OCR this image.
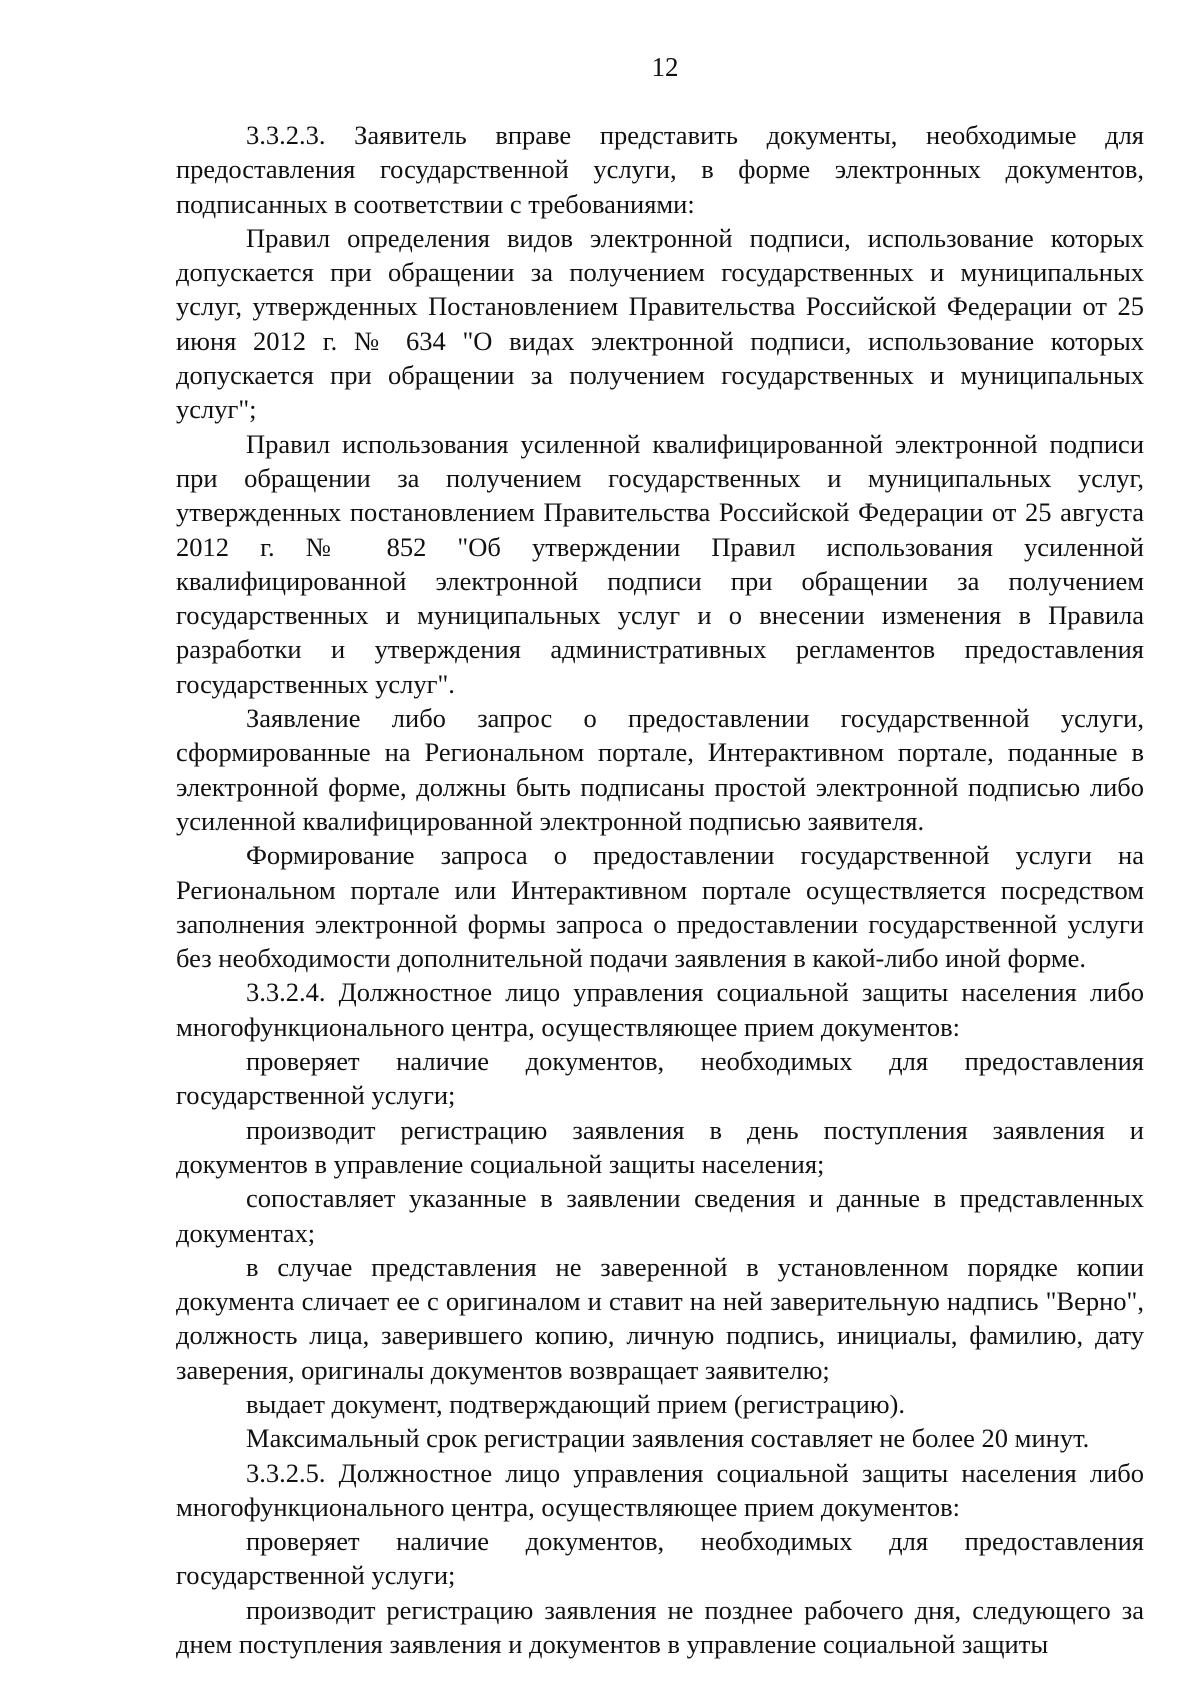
12

3.3.2.3. Заявитель вправе представить документы, необходимые для предоставления государственной услуги, в форме электронных документов, подписанных в соответствии с требованиями:

Правил определения видов электронной подписи, использование которых допускается при обращении за получением государственных и муниципальных услуг, утвержденных Постановлением Правительства Российской Федерации от 25 июня 2012 г. № 634 "О видах электронной подписи, использование которых допускается при обращении за получением государственных и муниципальных услуг";

Правил использования усиленной квалифицированной электронной подписи при обращении за получением государственных и муниципальных услуг, утвержденных постановлением Правительства Российской Федерации от 25 августа 2012 г. № 852 "Об утверждении Правил использования усиленной квалифицированной электронной подписи при обращении за получением государственных и муниципальных услуг и о внесении изменения в Правила разработки и утверждения административных регламентов предоставления государственных услуг".

Заявление либо запрос о предоставлении государственной услуги, сформированные на Региональном портале, Интерактивном портале, поданные в электронной форме, должны быть подписаны простой электронной подписью либо усиленной квалифицированной электронной подписью заявителя.

Формирование запроса о предоставлении государственной услуги на Региональном портале или Интерактивном портале осуществляется посредством заполнения электронной формы запроса о предоставлении государственной услуги без необходимости дополнительной подачи заявления в какой-либо иной форме.

3.3.2.4. Должностное лицо управления социальной защиты населения либо многофункционального центра, осуществляющее прием документов:

проверяет наличие документов, необходимых для предоставления государственной услуги;

производит регистрацию заявления в день поступления заявления и документов в управление социальной защиты населения;

сопоставляет указанные в заявлении сведения и данные в представленных документах;

в случае представления не заверенной в установленном порядке копии документа сличает ее с оригиналом и ставит на ней заверительную надпись "Верно", должность лица, заверившего копию, личную подпись, инициалы, фамилию, дату заверения, оригиналы документов возвращает заявителю;

выдает документ, подтверждающий прием (регистрацию).

Максимальный срок регистрации заявления составляет не более 20 минут.

3.3.2.5. Должностное лицо управления социальной защиты населения либо многофункционального центра, осуществляющее прием документов:

проверяет наличие документов, необходимых для предоставления государственной услуги;

производит регистрацию заявления не позднее рабочего дня, следующего за днем поступления заявления и документов в управление социальной защиты
